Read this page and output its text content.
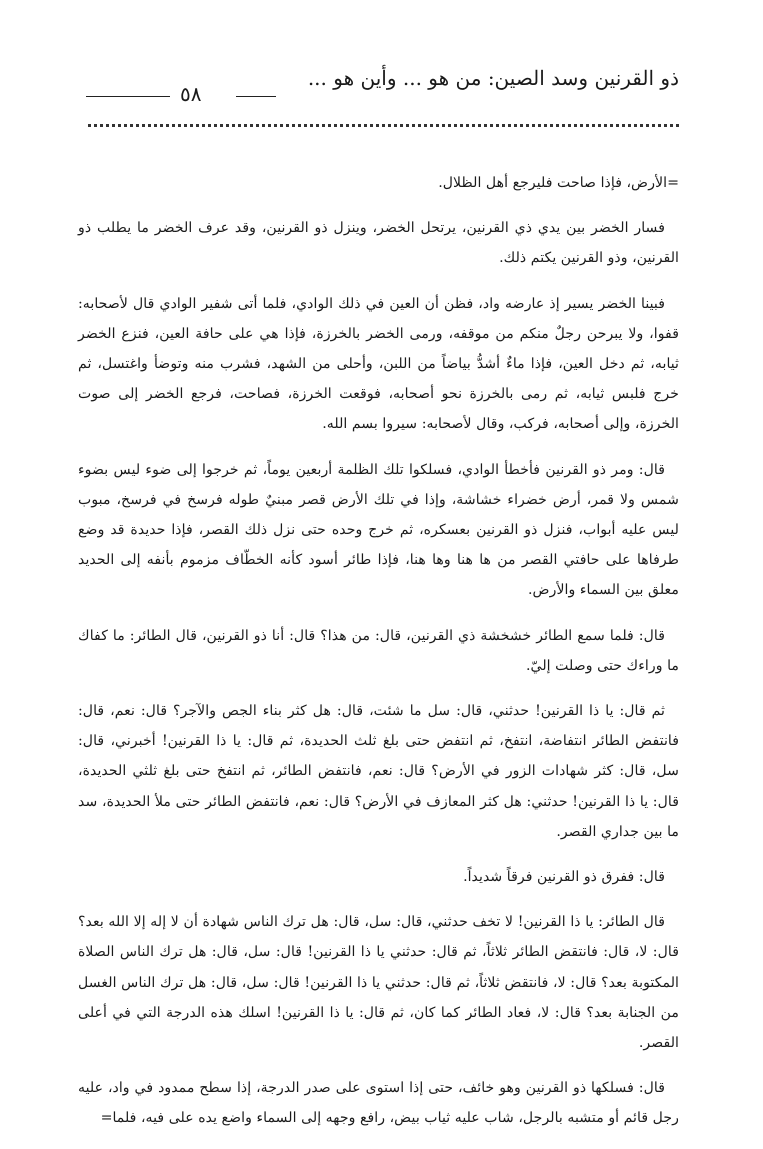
ذو القرنين وسد الصين: من هو ... وأين هو ...
٥٨

=الأرض، فإذا صاحت فليرجع أهل الظلال.

فسار الخضر بين يدي ذي القرنين، يرتحل الخضر، وينزل ذو القرنين، وقد عرف الخضر ما يطلب ذو القرنين، وذو القرنين يكتم ذلك.

فبينا الخضر يسير إذ عارضه واد، فظن أن العين في ذلك الوادي، فلما أتى شفير الوادي قال لأصحابه: قفوا، ولا يبرحن رجلٌ منكم من موقفه، ورمى الخضر بالخرزة، فإذا هي على حافة العين، فنزع الخضر ثيابه، ثم دخل العين، فإذا ماءٌ أشدُّ بياضاً من اللبن، وأحلى من الشهد، فشرب منه وتوضأ واغتسل، ثم خرج فلبس ثيابه، ثم رمى بالخرزة نحو أصحابه، فوقعت الخرزة، فصاحت، فرجع الخضر إلى صوت الخرزة، وإلى أصحابه، فركب، وقال لأصحابه: سيروا بسم الله.

قال: ومر ذو القرنين فأخطأ الوادي، فسلكوا تلك الظلمة أربعين يوماً، ثم خرجوا إلى ضوء ليس بضوء شمس ولا قمر، أرض خضراء خشاشة، وإذا في تلك الأرض قصر مبنيٌ طوله فرسخ في فرسخ، مبوب ليس عليه أبواب، فنزل ذو القرنين بعسكره، ثم خرج وحده حتى نزل ذلك القصر، فإذا حديدة قد وضع طرفاها على حافتي القصر من ها هنا وها هنا، فإذا طائر أسود كأنه الخطّاف مزموم بأنفه إلى الحديد معلق بين السماء والأرض.

قال: فلما سمع الطائر خشخشة ذي القرنين، قال: من هذا؟ قال: أنا ذو القرنين، قال الطائر: ما كفاك ما وراءك حتى وصلت إليّ.

ثم قال: يا ذا القرنين! حدثني، قال: سل ما شئت، قال: هل كثر بناء الجص والآجر؟ قال: نعم، قال: فانتفض الطائر انتفاضة، انتفخ، ثم انتفض حتى بلغ ثلث الحديدة، ثم قال: يا ذا القرنين! أخبرني، قال: سل، قال: كثر شهادات الزور في الأرض؟ قال: نعم، فانتفض الطائر، ثم انتفخ حتى بلغ ثلثي الحديدة، قال: يا ذا القرنين! حدثني: هل كثر المعازف في الأرض؟ قال: نعم، فانتفض الطائر حتى ملأ الحديدة، سد ما بين جداري القصر.

قال: ففرق ذو القرنين فرقاً شديداً.

قال الطائر: يا ذا القرنين! لا تخف حدثني، قال: سل، قال: هل ترك الناس شهادة أن لا إله إلا الله بعد؟ قال: لا، قال: فانتقض الطائر ثلاثاً، ثم قال: حدثني يا ذا القرنين! قال: سل، قال: هل ترك الناس الصلاة المكتوبة بعد؟ قال: لا، فانتقض ثلاثاً، ثم قال: حدثني يا ذا القرنين! قال: سل، قال: هل ترك الناس الغسل من الجنابة بعد؟ قال: لا، فعاد الطائر كما كان، ثم قال: يا ذا القرنين! اسلك هذه الدرجة التي في أعلى القصر.

قال: فسلكها ذو القرنين وهو خائف، حتى إذا استوى على صدر الدرجة، إذا سطح ممدود في واد، عليه رجل قائم أو متشبه بالرجل، شاب عليه ثياب بيض، رافع وجهه إلى السماء واضع يده على فيه، فلما=
